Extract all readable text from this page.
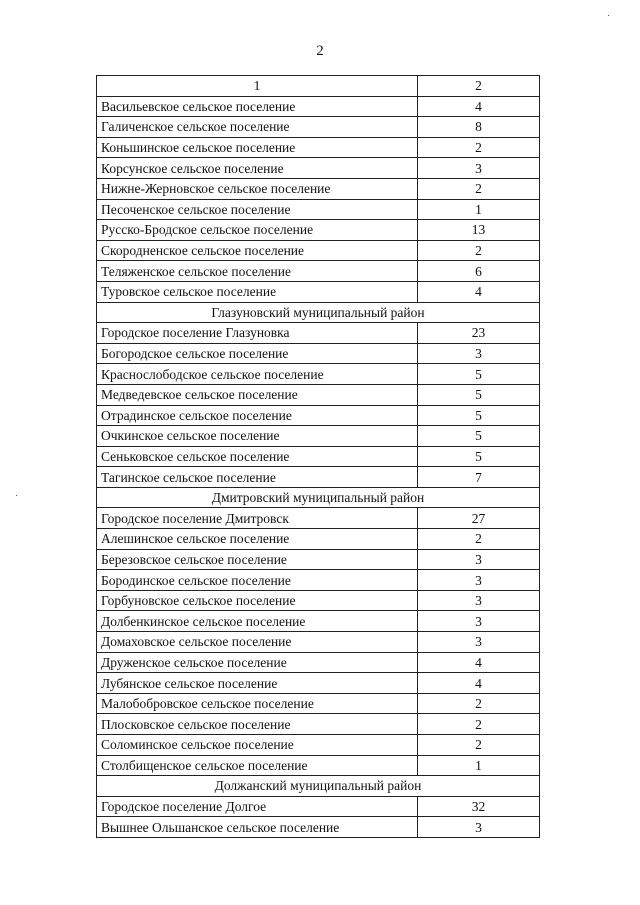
2
1	2
Васильевское сельское поселение	4
Галиченское сельское поселение	8
Коньшинское сельское поселение	2
Корсунское сельское поселение	3
Нижне-Жерновское сельское поселение	2
Песоченское сельское поселение	1
Русско-Бродское сельское поселение	13
Скородненское сельское поселение	2
Теляженское сельское поселение	6
Туровское сельское поселение	4
Глазуновский муниципальный район	
Городское поселение Глазуновка	23
Богородское сельское поселение	3
Краснослободское сельское поселение	5
Медведевское сельское поселение	5
Отрадинское сельское поселение	5
Очкинское сельское поселение	5
Сеньковское сельское поселение	5
Тагинское сельское поселение	7
Дмитровский муниципальный район	
Городское поселение Дмитровск	27
Алешинское сельское поселение	2
Березовское сельское поселение	3
Бородинское сельское поселение	3
Горбуновское сельское поселение	3
Долбенкинское сельское поселение	3
Домаховское сельское поселение	3
Друженское сельское поселение	4
Лубянское сельское поселение	4
Малобобровское сельское поселение	2
Плосковское сельское поселение	2
Соломинское сельское поселение	2
Столбищенское сельское поселение	1
Должанский муниципальный район	
Городское поселение Долгое	32
Вышнее Ольшанское сельское поселение	3
